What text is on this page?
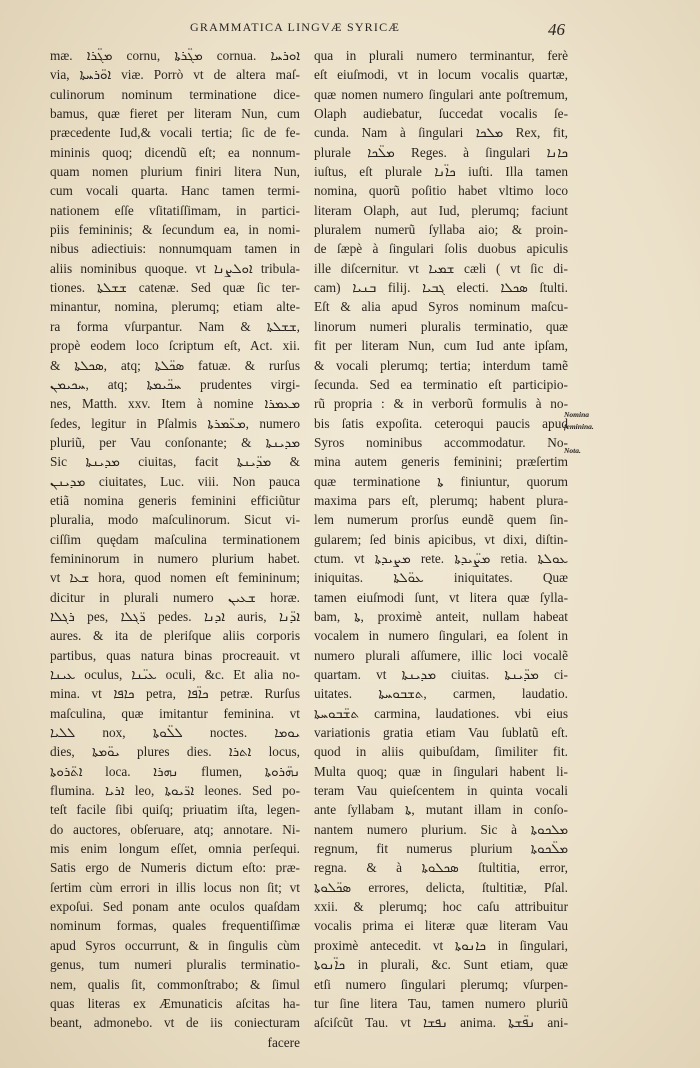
GRAMMATICA LINGVÆ SYRICÆ	46
mæ. ܡܓ̈ܪܐ cornu, ܡܓ̈ܪܬܐ cornua. ܐܘܪܚܐ
via, ܐܘ̈ܪܚܬܐ viæ. Porrò vt de altera maſ-
culinorum nominum terminatione dice-
bamus, quæ fieret per literam Nun, cum
præcedente Iud,& vocali tertia; ſic de fe-
mininis quoq; dicendũ eſt; ea nonnum-
quam nomen plurium finiri litera Nun,
cum vocali quarta. Hanc tamen termi-
nationem eſſe vſitatiſſimam, in partici-
piis femininis; & ſecundum ea, in nomi-
nibus adiectiuis: nonnumquam tamen in
aliis nominibus quoque. vt ܐܘܠܨܢܐ tribula-
tiones. ܫܫܠܬܐ catenæ. Sed quæ ſic ter-
minantur, nomina, plerumq; etiam alte-
ra forma vſurpantur. Nam & ܫܫܠܬܐ,
propè eodem loco ſcriptum eſt, Act. xii.
& ܣܟܠܬܐ, atq; ܣܟ̈ܠܬܐ fatuæ. & rurſus
ܚܟܝܡܢ, atq; ܚܟ̈ܝܡܬܐ prudentes virgi-
nes, Matth. xxv. Item à nomine ܡܥܡܪܐ
ſedes, legitur in Pſalmis ܡܥ̈ܡܪܬܐ, numero
pluriũ, per Vau conſonante; & ܡܕܝܢܬܐ
Sic ܡܕܝܢܬܐ ciuitas, facit ܡܕ̈ܝܢܬܐ &
ܡܕܝܢܢ ciuitates, Luc. viii. Non pauca
etiã nomina generis feminini efficiũtur
pluralia, modo maſculinorum. Sicut vi-
ciſſim quędam maſculina terminationem
femininorum in numero plurium habet.
vt ܫܥܐ hora, quod nomen eſt femininum;
dicitur in plurali numero ܫܥܝܢ horæ.
ܪܓܠܐ pes, ܪ̈ܓܠܐ pedes. ܐܕܢܐ auris, ܐܕ̈ܢܐ
aures. & ita de pleriſque aliis corporis
partibus, quas natura binas procreauit. vt
ܥܝܢܐ oculus, ܥܝ̈ܢܐ oculi, &c. Et alia no-
mina. vt ܟܐܦܐ petra, ܟܐ̈ܦܐ petræ. Rurſus
maſculina, quæ imitantur feminina. vt
ܠܠܝܐ nox, ܠܠ̈ܘܬܐ noctes. ܝܘܡܐ
dies, ܝܘ̈ܡܬܐ plures dies. ܐܬܪܐ locus,
ܐܬ̈ܪܘܬܐ loca. ܢܗܪܐ flumen, ܢܗ̈ܪܘܬܐ
flumina. ܐܪܝܐ leo, ܐܪ̈ܝܘܬܐ leones. Sed po-
teſt facile ſibi quiſq; priuatim iſta, legen-
do auctores, obſeruare, atq; annotare. Ni-
mis enim longum eſſet, omnia perſequi.
Satis ergo de Numeris dictum eſto: præ-
ſertim cùm errori in illis locus non ſit; vt
expoſui. Sed ponam ante oculos quaſdam
nominum formas, quales frequentiſſimæ
apud Syros occurrunt, & in ſingulis cùm
genus, tum numeri pluralis terminatio-
nem, qualis ſit, commonſtrabo; & ſimul
quas literas ex Æmunaticis aſcitas ha-
beant, admonebo. vt de iis coniecturam
facere
qua in plurali numero terminantur, ferè
eſt eiuſmodi, vt in locum vocalis quartæ,
quæ nomen numero ſingulari ante poſtremum,
Olaph audiebatur, ſuccedat vocalis ſe-
cunda. Nam à ſingulari ܡܠܟܐ Rex, fit,
plurale ܡܠ̈ܟܐ Reges. à ſingulari ܟܐܢܐ
iuſtus, eſt plurale ܟܐ̈ܢܐ iuſti. Illa tamen
nomina, quorũ poſitio habet vltimo loco
literam Olaph, aut Iud, plerumq; faciunt
pluralem numerũ ſyllaba aio; & proin-
de ſæpè à ſingulari ſolis duobus apiculis
ille diſcernitur. vt ܫܡܝܐ cæli ( vt ſic di-
cam) ܒܢܝܐ filij. ܓܒܝܐ electi. ܣܟܠܐ ſtulti.
Eſt & alia apud Syros nominum maſcu-
linorum numeri pluralis terminatio, quæ
fit per literam Nun, cum Iud ante ipſam,
& vocali plerumq; tertia; interdum tamẽ
ſecunda. Sed ea terminatio eſt participio-
rũ propria : & in verborũ formulis à no-
bis ſatis expoſita. ceteroqui paucis apud
Syros nominibus accommodatur. No-
mina autem generis feminini; præſertim
quæ terminatione ܬܐ finiuntur, quorum
maxima pars eſt, plerumq; habent plura-
lem numerum prorſus eundẽ quem ſin-
gularem; ſed binis apicibus, vt dixi, diſtin-
ctum. vt ܡܨܝܕܬܐ rete. ܡܨ̈ܝܕܬܐ retia. ܥܘܠܬܐ
iniquitas. ܥܘ̈ܠܬܐ iniquitates. Quæ
tamen eiuſmodi ſunt, vt litera quæ ſylla-
bam, ܬܐ, proximè anteit, nullam habeat
vocalem in numero ſingulari, ea ſolent in
numero plurali aſſumere, illic loci vocalẽ
quartam. vt ܡܕܝܢܬܐ ciuitas. ܡܕ̈ܝܢܬܐ ci-
uitates. ܬܫܒܘܚܬܐ, carmen, laudatio.
ܬܫ̈ܒܘܚܬܐ carmina, laudationes. vbi eius
variationis gratia etiam Vau ſublatũ eſt.
quod in aliis quibuſdam, ſimiliter fit.
Multa quoq; quæ in ſingulari habent li-
teram Vau quieſcentem in quinta vocali
ante ſyllabam ܬܐ, mutant illam in conſo-
nantem numero plurium. Sic à ܡܠܟܘܬܐ
regnum, fit numerus plurium ܡܠ̈ܟܘܬܐ
regna. & à ܣܟܠܘܬܐ ſtultitia, error,
ܣܟ̈ܠܘܬܐ errores, delicta, ſtultitiæ, Pſal.
xxii. & plerumq; hoc caſu attribuitur
vocalis prima ei literæ quæ literam Vau
proximè antecedit. vt ܟܐܢܘܬܐ in ſingulari,
ܟܐ̈ܢܘܬܐ in plurali, &c. Sunt etiam, quæ
etſi numero ſingulari plerumq; vſurpen-
tur ſine litera Tau, tamen numero pluriũ
aſciſcũt Tau. vt ܢܦܫܐ anima. ܢܦ̈ܫܬܐ ani-
Nomina
feminina.
Nota.
